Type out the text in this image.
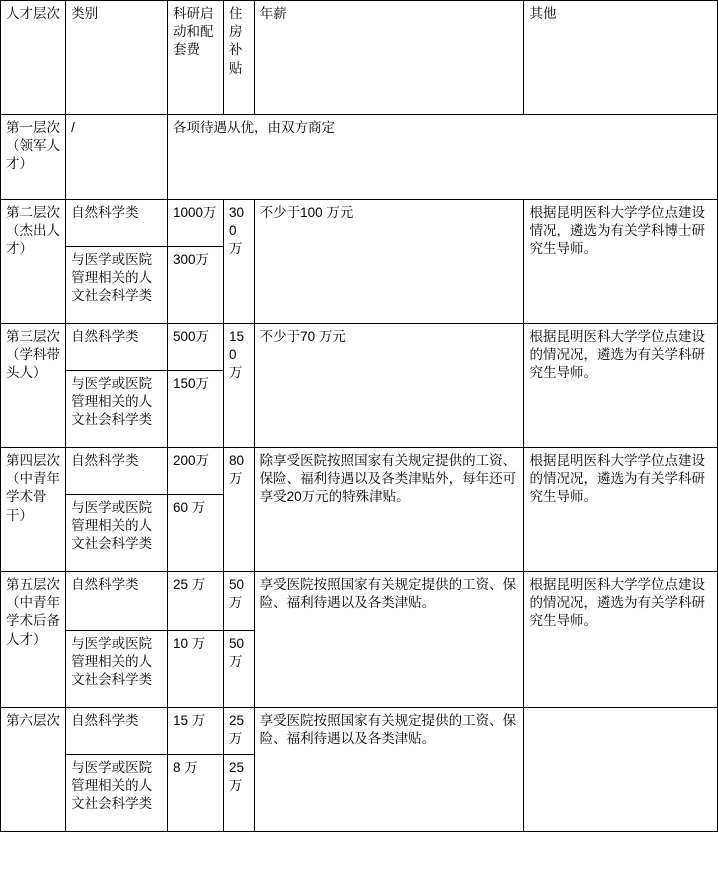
人才层次	类别	科研启动和配套费	住房补贴	年薪	其他
第一层次（领军人才）	/	各项待遇从优，由双方商定			
第二层次（杰出人才）	自然科学类	1000万	300万	不少于100 万元	根据昆明医科大学学位点建设情况，遴选为有关学科博士研究生导师。
	与医学或医院管理相关的人文社会科学类	300万			
第三层次（学科带头人）	自然科学类	500万	150万	不少于70 万元	根据昆明医科大学学位点建设的情况况，遴选为有关学科研究生导师。
	与医学或医院管理相关的人文社会科学类	150万			
第四层次（中青年学术骨干）	自然科学类	200万	80万	除享受医院按照国家有关规定提供的工资、保险、福利待遇以及各类津贴外，每年还可享受20万元的特殊津贴。	根据昆明医科大学学位点建设的情况况，遴选为有关学科研究生导师。
	与医学或医院管理相关的人文社会科学类	60 万			
第五层次（中青年学术后备人才）	自然科学类	25 万	50万	享受医院按照国家有关规定提供的工资、保险、福利待遇以及各类津贴。	根据昆明医科大学学位点建设的情况况，遴选为有关学科研究生导师。
	与医学或医院管理相关的人文社会科学类	10 万	50万		
第六层次	自然科学类	15 万	25万	享受医院按照国家有关规定提供的工资、保险、福利待遇以及各类津贴。	
	与医学或医院管理相关的人文社会科学类	8 万	25万		
